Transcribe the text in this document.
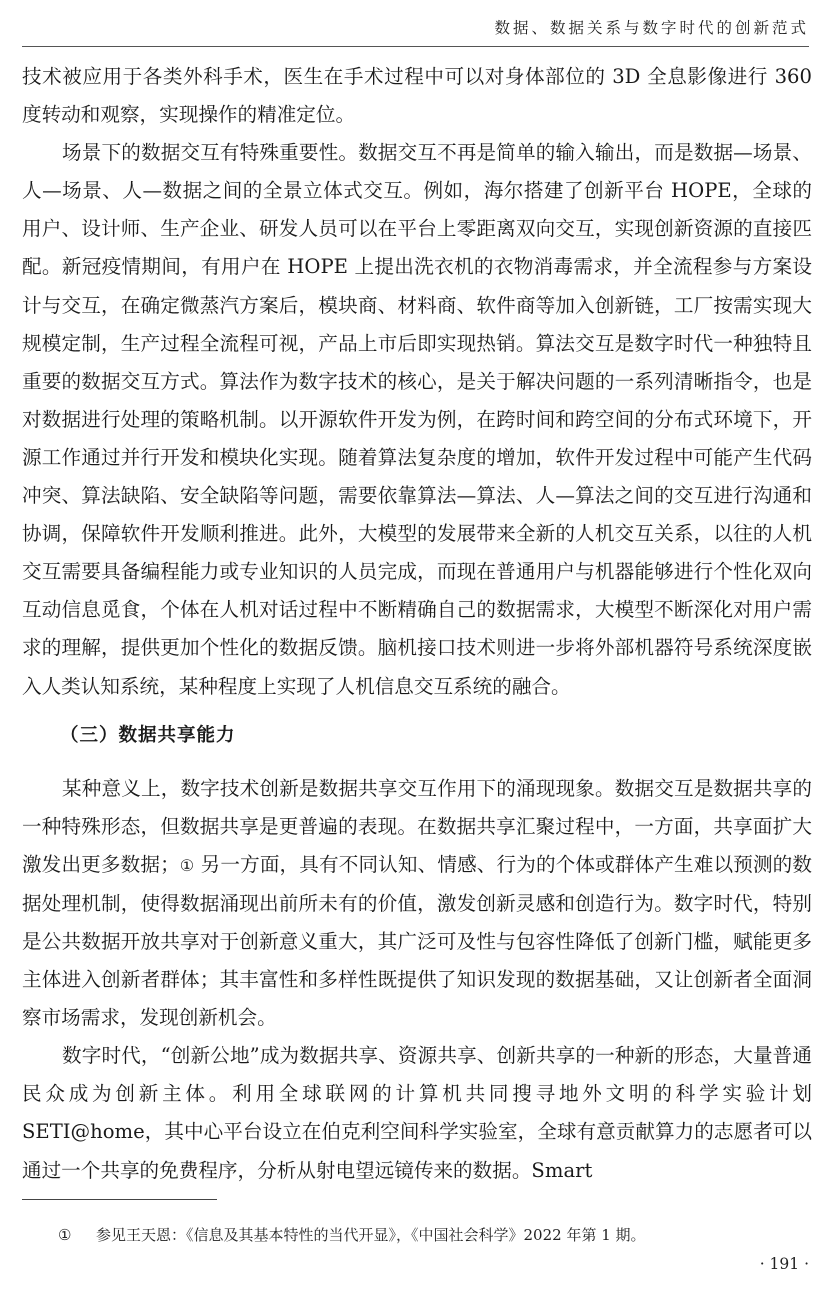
数据、数据关系与数字时代的创新范式

技术被应用于各类外科手术，医生在手术过程中可以对身体部位的 3D 全息影像进行 360 度转动和观察，实现操作的精准定位。

场景下的数据交互有特殊重要性。数据交互不再是简单的输入输出，而是数据—场景、人—场景、人—数据之间的全景立体式交互。例如，海尔搭建了创新平台 HOPE，全球的用户、设计师、生产企业、研发人员可以在平台上零距离双向交互，实现创新资源的直接匹配。新冠疫情期间，有用户在 HOPE 上提出洗衣机的衣物消毒需求，并全流程参与方案设计与交互，在确定微蒸汽方案后，模块商、材料商、软件商等加入创新链，工厂按需实现大规模定制，生产过程全流程可视，产品上市后即实现热销。算法交互是数字时代一种独特且重要的数据交互方式。算法作为数字技术的核心，是关于解决问题的一系列清晰指令，也是对数据进行处理的策略机制。以开源软件开发为例，在跨时间和跨空间的分布式环境下，开源工作通过并行开发和模块化实现。随着算法复杂度的增加，软件开发过程中可能产生代码冲突、算法缺陷、安全缺陷等问题，需要依靠算法—算法、人—算法之间的交互进行沟通和协调，保障软件开发顺利推进。此外，大模型的发展带来全新的人机交互关系，以往的人机交互需要具备编程能力或专业知识的人员完成，而现在普通用户与机器能够进行个性化双向互动信息觅食，个体在人机对话过程中不断精确自己的数据需求，大模型不断深化对用户需求的理解，提供更加个性化的数据反馈。脑机接口技术则进一步将外部机器符号系统深度嵌入人类认知系统，某种程度上实现了人机信息交互系统的融合。

（三）数据共享能力

某种意义上，数字技术创新是数据共享交互作用下的涌现现象。数据交互是数据共享的一种特殊形态，但数据共享是更普遍的表现。在数据共享汇聚过程中，一方面，共享面扩大激发出更多数据；① 另一方面，具有不同认知、情感、行为的个体或群体产生难以预测的数据处理机制，使得数据涌现出前所未有的价值，激发创新灵感和创造行为。数字时代，特别是公共数据开放共享对于创新意义重大，其广泛可及性与包容性降低了创新门槛，赋能更多主体进入创新者群体；其丰富性和多样性既提供了知识发现的数据基础，又让创新者全面洞察市场需求，发现创新机会。

数字时代，“创新公地”成为数据共享、资源共享、创新共享的一种新的形态，大量普通民众成为创新主体。利用全球联网的计算机共同搜寻地外文明的科学实验计划 SETI@home，其中心平台设立在伯克利空间科学实验室，全球有意贡献算力的志愿者可以通过一个共享的免费程序，分析从射电望远镜传来的数据。Smart

① 参见王天恩：《信息及其基本特性的当代开显》，《中国社会科学》2022 年第 1 期。
· 191 ·
